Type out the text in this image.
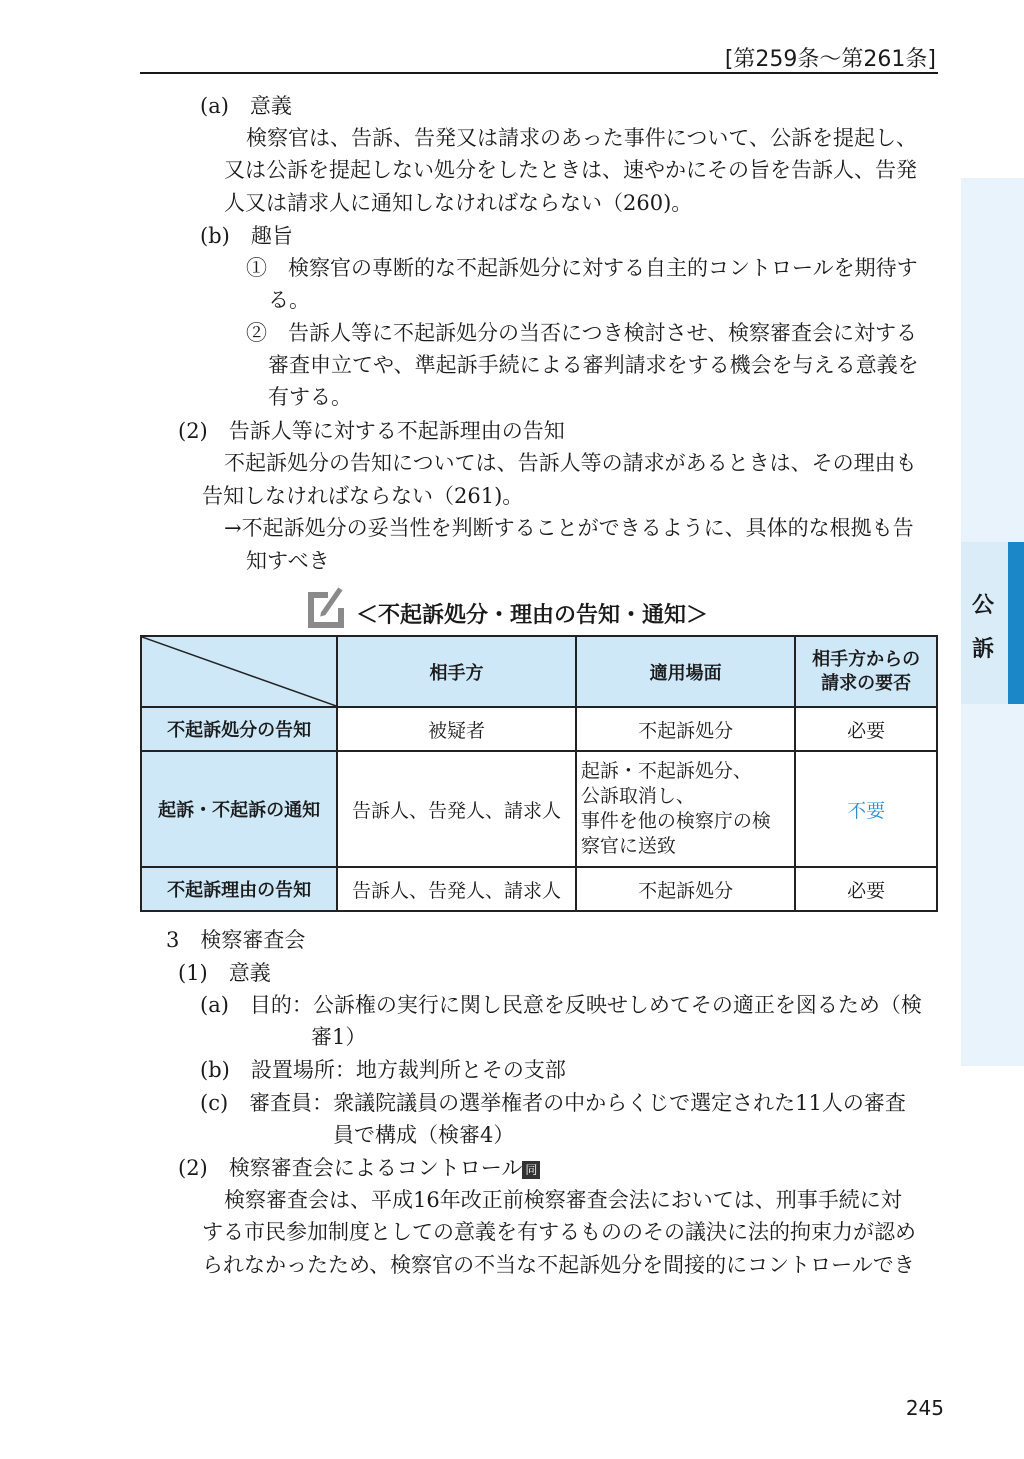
[第259条〜第261条]
公
訴
(a)　意義
検察官は、告訴、告発又は請求のあった事件について、公訴を提起し、
又は公訴を提起しない処分をしたときは、速やかにその旨を告訴人、告発
人又は請求人に通知しなければならない（260)。
(b)　趣旨
①　検察官の専断的な不起訴処分に対する自主的コントロールを期待す
る。
②　告訴人等に不起訴処分の当否につき検討させ、検察審査会に対する
審査申立てや、準起訴手続による審判請求をする機会を与える意義を
有する。
(2)　告訴人等に対する不起訴理由の告知
不起訴処分の告知については、告訴人等の請求があるときは、その理由も
告知しなければならない（261)。
→不起訴処分の妥当性を判断することができるように、具体的な根拠も告
知すべき
＜不起訴処分・理由の告知・通知＞
	相手方	適用場面	相手方からの
請求の要否
不起訴処分の告知	被疑者	不起訴処分	必要
起訴・不起訴の通知	告訴人、告発人、請求人	起訴・不起訴処分、
公訴取消し、
事件を他の検察庁の検
察官に送致	不要
不起訴理由の告知	告訴人、告発人、請求人	不起訴処分	必要
3　検察審査会
(1)　意義
(a)　目的：公訴権の実行に関し民意を反映せしめてその適正を図るため（検
審1）
(b)　設置場所：地方裁判所とその支部
(c)　審査員：衆議院議員の選挙権者の中からくじで選定された11人の審査
員で構成（検審4）
(2)　検察審査会によるコントロール 同
検察審査会は、平成16年改正前検察審査会法においては、刑事手続に対
する市民参加制度としての意義を有するもののその議決に法的拘束力が認め
られなかったため、検察官の不当な不起訴処分を間接的にコントロールでき
245
